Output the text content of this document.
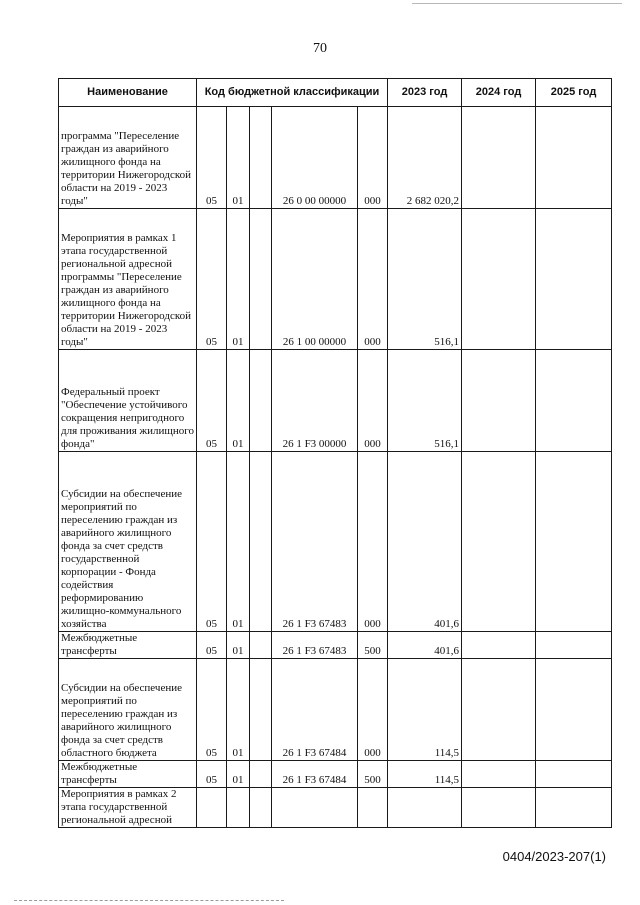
70
Наименование	Код бюджетной классификации					2023 год	2024 год	2025 год
программа "Переселение граждан из аварийного жилищного фонда на территории Нижегородской области на 2019 - 2023 годы"	05	01		26 0 00 00000	000	2 682 020,2		
Мероприятия в рамках 1 этапа государственной региональной адресной программы "Переселение граждан из аварийного жилищного фонда на территории Нижегородской области на 2019 - 2023 годы"	05	01		26 1 00 00000	000	516,1		
Федеральный проект "Обеспечение устойчивого сокращения непригодного для проживания жилищного фонда"	05	01		26 1 F3 00000	000	516,1		
Субсидии на обеспечение мероприятий по переселению граждан из аварийного жилищного фонда за счет средств государственной корпорации - Фонда содействия реформированию жилищно-коммунального хозяйства	05	01		26 1 F3 67483	000	401,6		
Межбюджетные трансферты	05	01		26 1 F3 67483	500	401,6		
Субсидии на обеспечение мероприятий по переселению граждан из аварийного жилищного фонда за счет средств областного бюджета	05	01		26 1 F3 67484	000	114,5		
Межбюджетные трансферты	05	01		26 1 F3 67484	500	114,5		
Мероприятия в рамках 2 этапа государственной региональной адресной								
0404/2023-207(1)
